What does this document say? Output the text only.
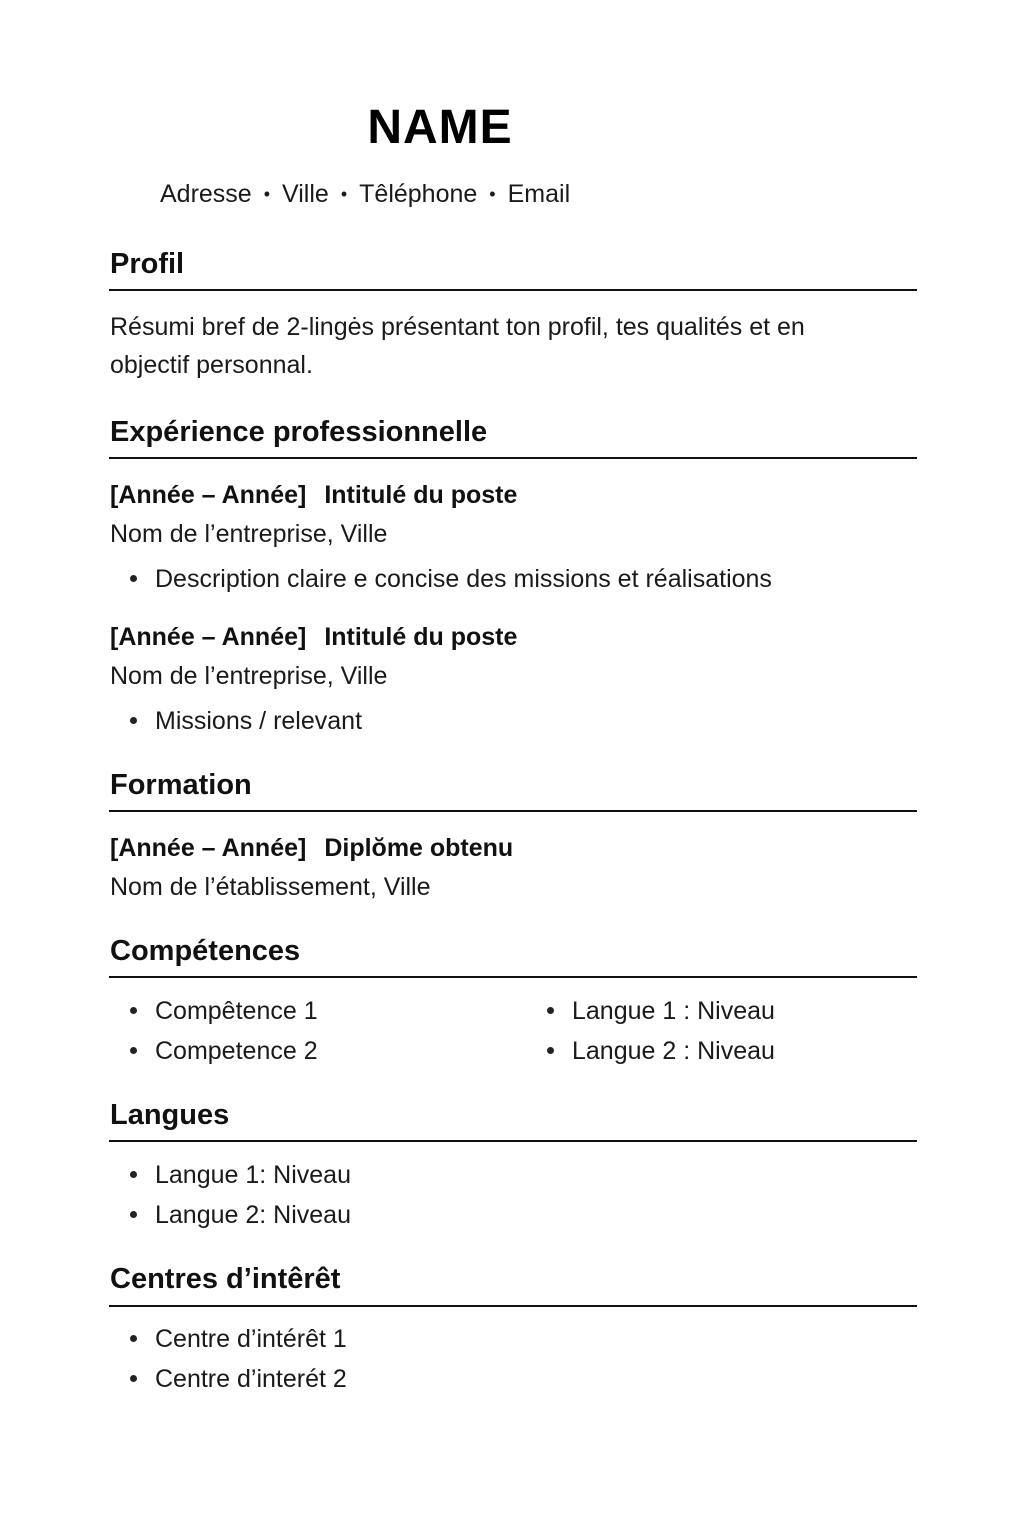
NAME
Adresse • Ville • Têléphone • Email
Profil
Résumi bref de 2-lingės présentant ton profil, tes qualités et en
objectif personnal.
Expérience professionnelle
[Année – Année] Intitulé du poste
Nom de l’entreprise, Ville
Description claire e concise des missions et réalisations
[Année – Année] Intitulé du poste
Nom de l’entreprise, Ville
Missions / relevant
Formation
[Année – Année] Diplŏme obtenu
Nom de l’établissement, Ville
Compétences
Compêtence 1
Competence 2
Langue 1 : Niveau
Langue 2 : Niveau
Langues
Langue 1: Niveau
Langue 2: Niveau
Centres d’intêrêt
Centre d’intérêt 1
Centre d’interét 2
